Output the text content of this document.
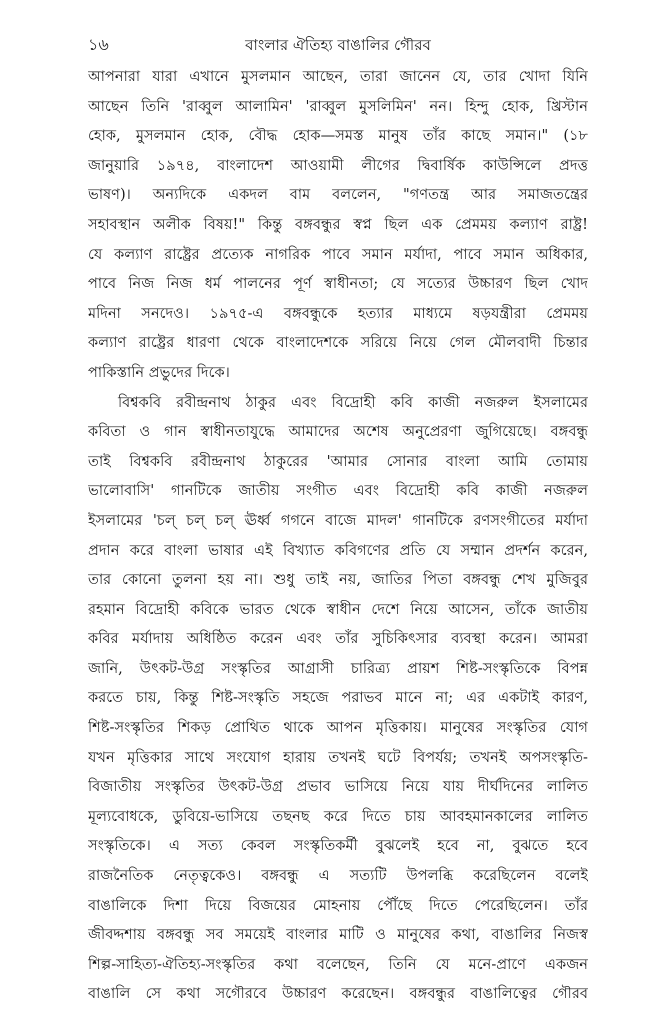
১৬	বাংলার ঐতিহ্য বাঙালির গৌরব

আপনারা যারা এখানে মুসলমান আছেন, তারা জানেন যে, তার খোদা যিনি
আছেন তিনি 'রাব্বুল আলামিন' 'রাব্বুল মুসলিমিন' নন। হিন্দু হোক, খ্রিস্টান
হোক, মুসলমান হোক, বৌদ্ধ হোক—সমস্ত মানুষ তাঁর কাছে সমান।" (১৮
জানুয়ারি ১৯৭৪, বাংলাদেশ আওয়ামী লীগের দ্বিবার্ষিক কাউন্সিলে প্রদত্ত
ভাষণ)। অন্যদিকে একদল বাম বললেন, "গণতন্ত্র আর সমাজতন্ত্রের
সহাবস্থান অলীক বিষয়!" কিন্তু বঙ্গবন্ধুর স্বপ্ন ছিল এক প্রেমময় কল্যাণ রাষ্ট্র!
যে কল্যাণ রাষ্ট্রের প্রত্যেক নাগরিক পাবে সমান মর্যাদা, পাবে সমান অধিকার,
পাবে নিজ নিজ ধর্ম পালনের পূর্ণ স্বাধীনতা; যে সত্যের উচ্চারণ ছিল খোদ
মদিনা সনদেও। ১৯৭৫-এ বঙ্গবন্ধুকে হত্যার মাধ্যমে ষড়যন্ত্রীরা প্রেমময়
কল্যাণ রাষ্ট্রের ধারণা থেকে বাংলাদেশকে সরিয়ে নিয়ে গেল মৌলবাদী চিন্তার
পাকিস্তানি প্রভুদের দিকে।

বিশ্বকবি রবীন্দ্রনাথ ঠাকুর এবং বিদ্রোহী কবি কাজী নজরুল ইসলামের
কবিতা ও গান স্বাধীনতাযুদ্ধে আমাদের অশেষ অনুপ্রেরণা জুগিয়েছে। বঙ্গবন্ধু
তাই বিশ্বকবি রবীন্দ্রনাথ ঠাকুরের 'আমার সোনার বাংলা আমি তোমায়
ভালোবাসি' গানটিকে জাতীয় সংগীত এবং বিদ্রোহী কবি কাজী নজরুল
ইসলামের 'চল্ চল্ চল্ ঊর্ধ্ব গগনে বাজে মাদল' গানটিকে রণসংগীতের মর্যাদা
প্রদান করে বাংলা ভাষার এই বিখ্যাত কবিগণের প্রতি যে সম্মান প্রদর্শন করেন,
তার কোনো তুলনা হয় না। শুধু তাই নয়, জাতির পিতা বঙ্গবন্ধু শেখ মুজিবুর
রহমান বিদ্রোহী কবিকে ভারত থেকে স্বাধীন দেশে নিয়ে আসেন, তাঁকে জাতীয়
কবির মর্যাদায় অধিষ্ঠিত করেন এবং তাঁর সুচিকিৎসার ব্যবস্থা করেন। আমরা
জানি, উৎকট-উগ্র সংস্কৃতির আগ্রাসী চারিত্র্য প্রায়শ শিষ্ট-সংস্কৃতিকে বিপন্ন
করতে চায়, কিন্তু শিষ্ট-সংস্কৃতি সহজে পরাভব মানে না; এর একটাই কারণ,
শিষ্ট-সংস্কৃতির শিকড় প্রোথিত থাকে আপন মৃত্তিকায়। মানুষের সংস্কৃতির যোগ
যখন মৃত্তিকার সাথে সংযোগ হারায় তখনই ঘটে বিপর্যয়; তখনই অপসংস্কৃতি-
বিজাতীয় সংস্কৃতির উৎকট-উগ্র প্রভাব ভাসিয়ে নিয়ে যায় দীর্ঘদিনের লালিত
মূল্যবোধকে, ডুবিয়ে-ভাসিয়ে তছনছ করে দিতে চায় আবহমানকালের লালিত
সংস্কৃতিকে। এ সত্য কেবল সংস্কৃতিকর্মী বুঝলেই হবে না, বুঝতে হবে
রাজনৈতিক নেতৃত্বকেও। বঙ্গবন্ধু এ সত্যটি উপলব্ধি করেছিলেন বলেই
বাঙালিকে দিশা দিয়ে বিজয়ের মোহনায় পৌঁছে দিতে পেরেছিলেন। তাঁর
জীবদ্দশায় বঙ্গবন্ধু সব সময়েই বাংলার মাটি ও মানুষের কথা, বাঙালির নিজস্ব
শিল্প-সাহিত্য-ঐতিহ্য-সংস্কৃতির কথা বলেছেন, তিনি যে মনে-প্রাণে একজন
বাঙালি সে কথা সগৌরবে উচ্চারণ করেছেন। বঙ্গবন্ধুর বাঙালিত্বের গৌরব
